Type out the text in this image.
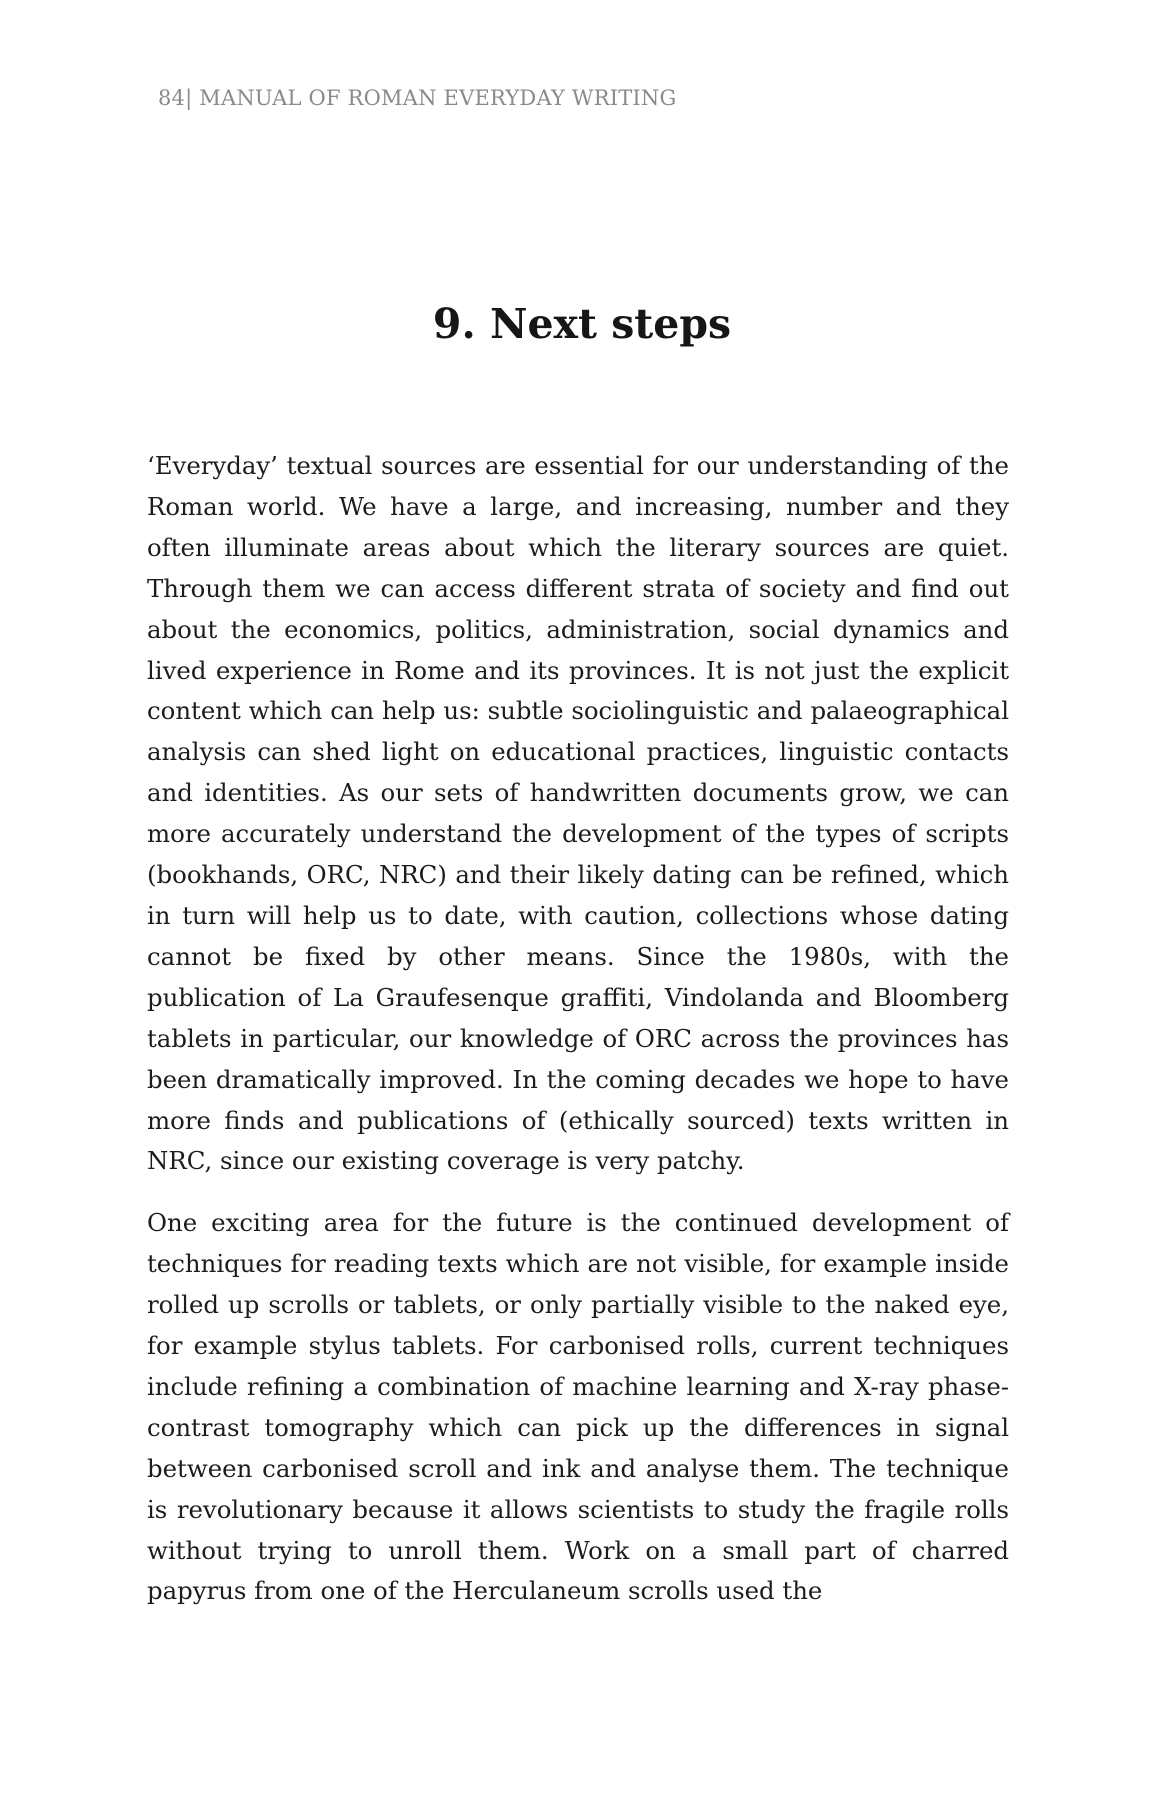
84| MANUAL OF ROMAN EVERYDAY WRITING
9. Next steps

‘Everyday’ textual sources are essential for our understanding of the Roman world. We have a large, and increasing, number and they often illuminate areas about which the literary sources are quiet. Through them we can access different strata of society and find out about the economics, politics, administration, social dynamics and lived experience in Rome and its provinces. It is not just the explicit content which can help us: subtle sociolinguistic and palaeographical analysis can shed light on educational practices, linguistic contacts and identities. As our sets of handwritten documents grow, we can more accurately understand the development of the types of scripts (bookhands, ORC, NRC) and their likely dating can be refined, which in turn will help us to date, with caution, collections whose dating cannot be fixed by other means. Since the 1980s, with the publication of La Graufesenque graffiti, Vindolanda and Bloomberg tablets in particular, our knowledge of ORC across the provinces has been dramatically improved. In the coming decades we hope to have more finds and publications of (ethically sourced) texts written in NRC, since our existing coverage is very patchy.

One exciting area for the future is the continued development of techniques for reading texts which are not visible, for example inside rolled up scrolls or tablets, or only partially visible to the naked eye, for example stylus tablets. For carbonised rolls, current techniques include refining a combination of machine learning and X-ray phase-contrast tomography which can pick up the differences in signal between carbonised scroll and ink and analyse them. The technique is revolutionary because it allows scientists to study the fragile rolls without trying to unroll them. Work on a small part of charred papyrus from one of the Herculaneum scrolls used the
